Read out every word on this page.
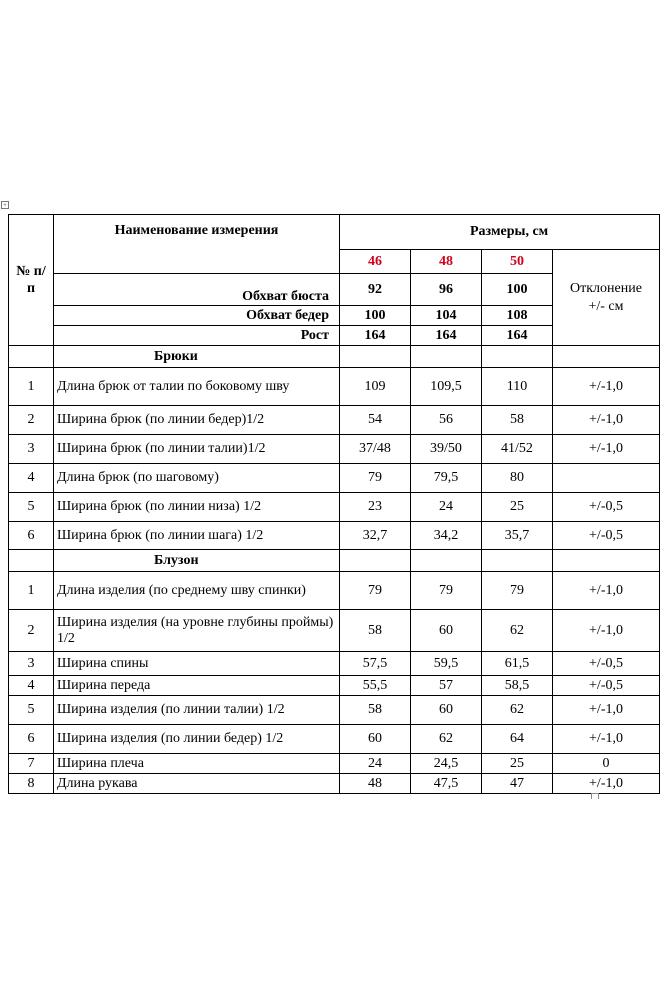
+
№ п/п	Наименование измерения	Размеры, см			
		46	48	50	Отклонение +/- см
	Обхват бюста	92	96	100	
	Обхват бедер	100	104	108	
	Рост	164	164	164	
	Брюки				
1	Длина брюк от талии по боковому шву	109	109,5	110	+/-1,0
2	Ширина брюк (по линии бедер)1/2	54	56	58	+/-1,0
3	Ширина брюк (по линии талии)1/2	37/48	39/50	41/52	+/-1,0
4	Длина брюк (по шаговому)	79	79,5	80	
5	Ширина брюк (по линии низа) 1/2	23	24	25	+/-0,5
6	Ширина брюк (по линии шага) 1/2	32,7	34,2	35,7	+/-0,5
	Блузон				
1	Длина изделия (по среднему шву спинки)	79	79	79	+/-1,0
2	Ширина изделия (на уровне глубины проймы) 1/2	58	60	62	+/-1,0
3	Ширина спины	57,5	59,5	61,5	+/-0,5
4	Ширина переда	55,5	57	58,5	+/-0,5
5	Ширина изделия (по линии талии) 1/2	58	60	62	+/-1,0
6	Ширина изделия (по линии бедер) 1/2	60	62	64	+/-1,0
7	Ширина плеча	24	24,5	25	0
8	Длина рукава	48	47,5	47	+/-1,0
